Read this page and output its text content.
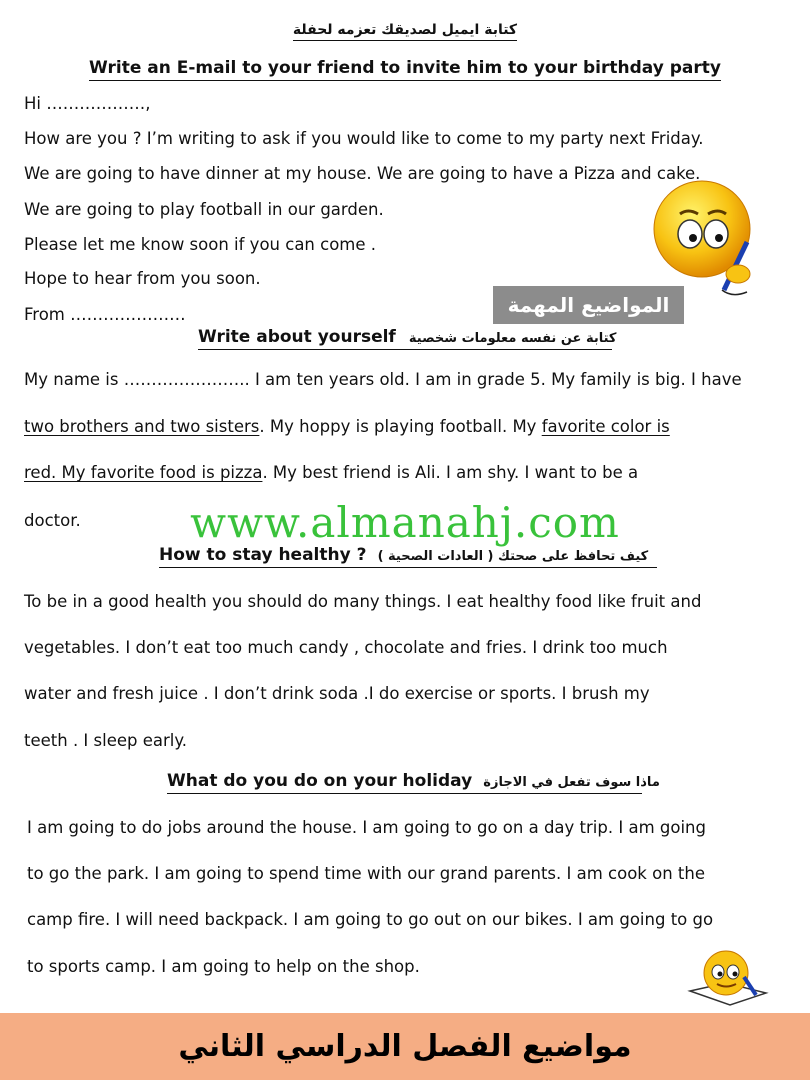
كتابة ايميل لصديقك تعزمه لحفلة
Write an E-mail to your friend to invite him to your birthday party
Hi ………………,
How are you ? I’m writing to ask if you would like to come to my party next Friday.
We are going to have dinner at my house. We are going to have a Pizza and cake.
We are going to play football in our garden.
Please let me know soon if you can come .
Hope to hear from you soon.
From …………………	المواضيع المهمة
Write about yourself كتابة عن نفسه معلومات شخصية
My name is ………………….. I am ten years old. I am in grade 5. My family is big. I have
two brothers and two sisters. My hoppy is playing football. My favorite color is
red. My favorite food is pizza. My best friend is Ali. I am shy. I want to be a
doctor.	www.almanahj.com
How to stay healthy ? كيف تحافظ على صحتك ( العادات الصحية )
To be in a good health you should do many things. I eat healthy food like fruit and
vegetables. I don’t eat too much candy , chocolate and fries. I drink too much
water and fresh juice . I don’t drink soda .I do exercise or sports. I brush my
teeth . I sleep early.
What do you do on your holiday ماذا سوف تفعل في الاجازة
I am going to do jobs around the house. I am going to go on a day trip. I am going
to go the park. I am going to spend time with our grand parents. I am cook on the
camp fire. I will need backpack. I am going to go out on our bikes. I am going to go
to sports camp. I am going to help on the shop.
مواضيع الفصل الدراسي الثاني
